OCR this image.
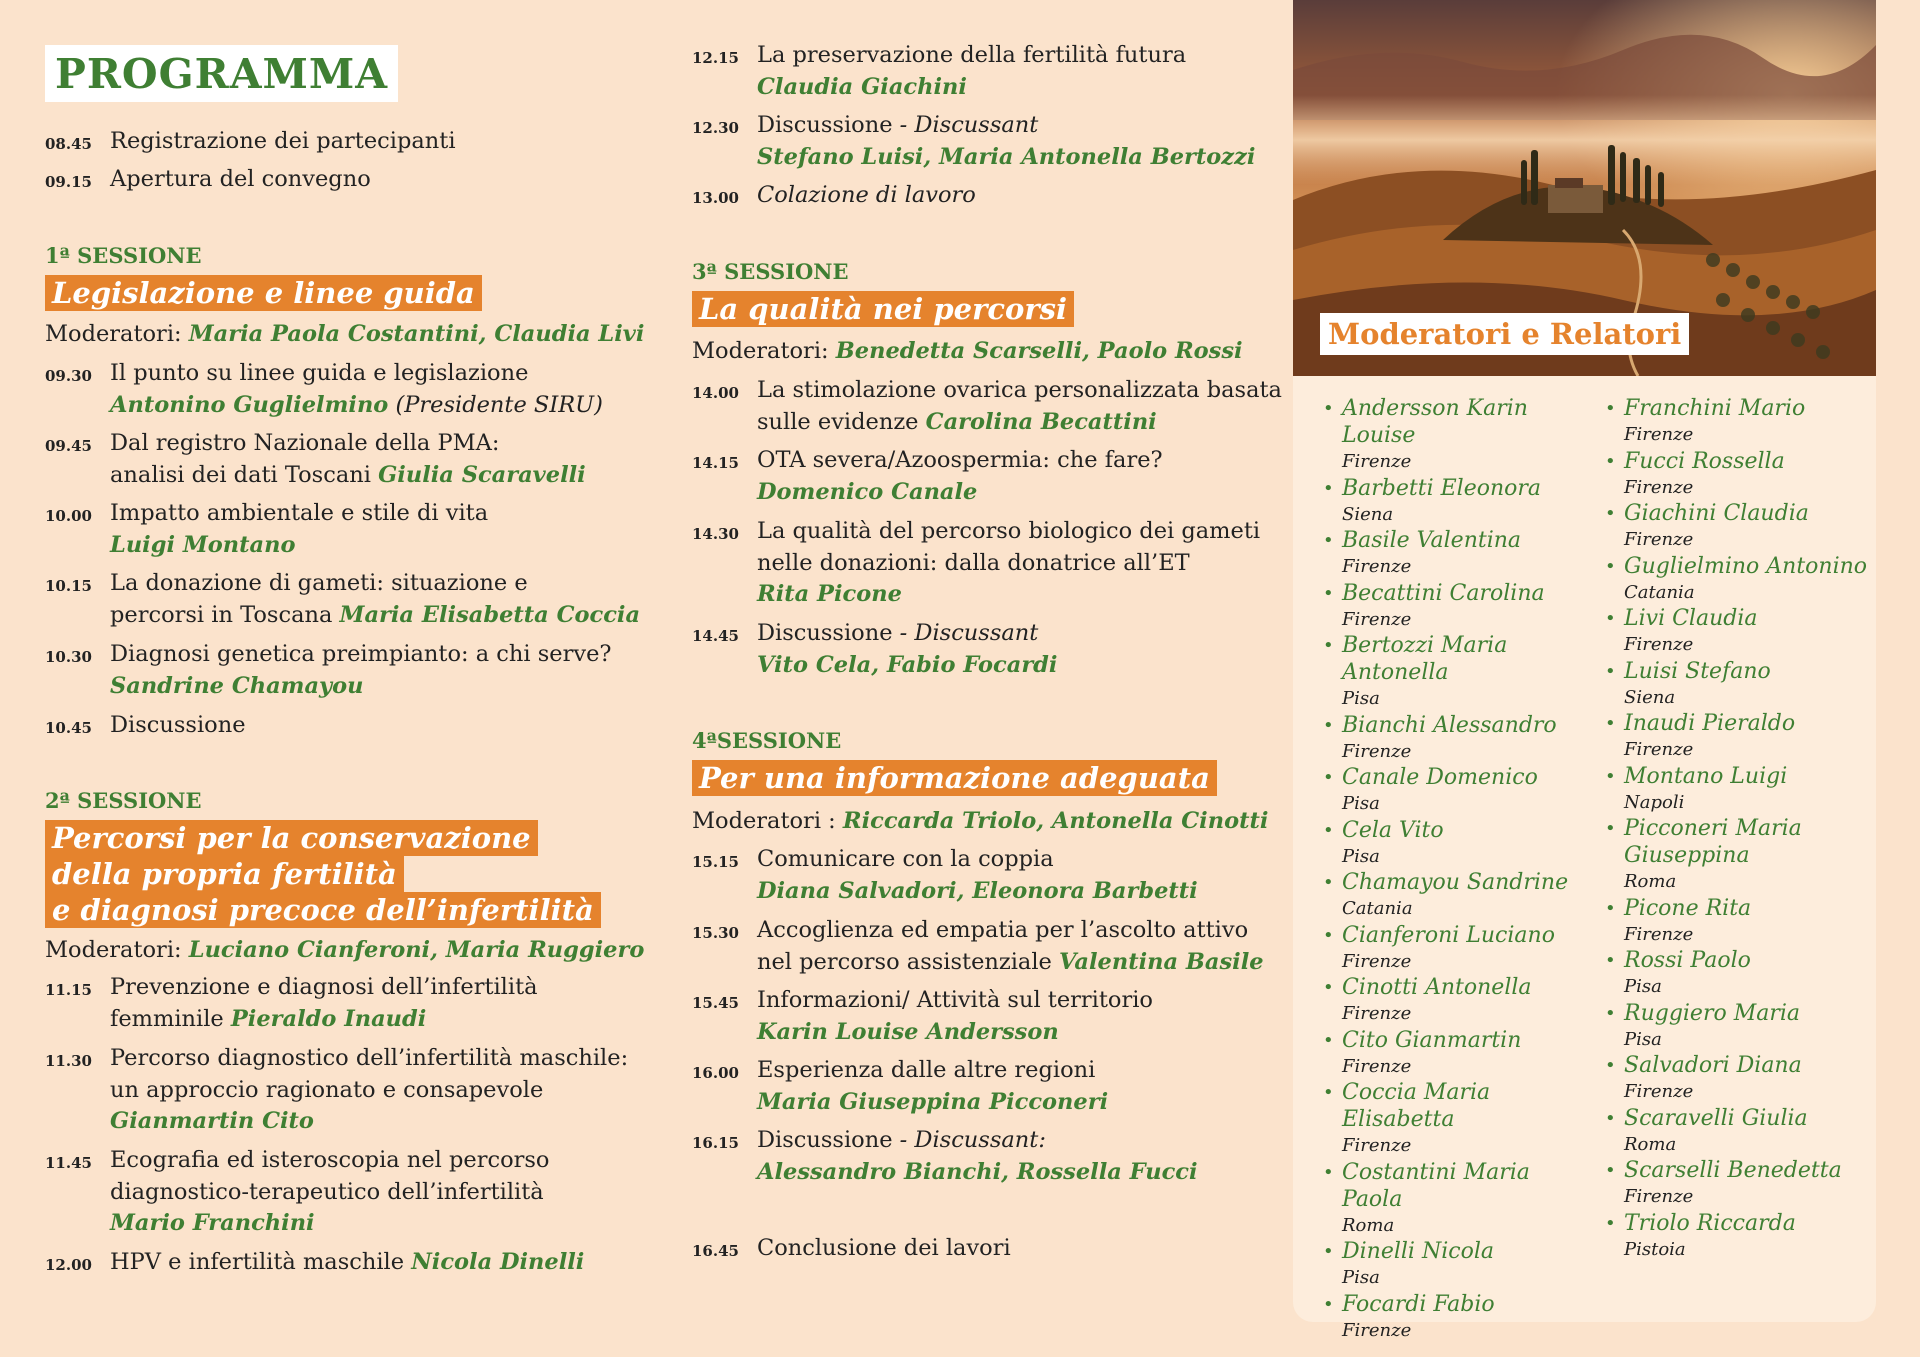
PROGRAMMA
08.45 Registrazione dei partecipanti
09.15 Apertura del convegno
1ª SESSIONE
Legislazione e linee guida
Moderatori: Maria Paola Costantini, Claudia Livi
09.30 Il punto su linee guida e legislazione
Antonino Guglielmino (Presidente SIRU)
09.45 Dal registro Nazionale della PMA:
analisi dei dati Toscani Giulia Scaravelli
10.00 Impatto ambientale e stile di vita
Luigi Montano
10.15 La donazione di gameti: situazione e
percorsi in Toscana Maria Elisabetta Coccia
10.30 Diagnosi genetica preimpianto: a chi serve?
Sandrine Chamayou
10.45 Discussione
2ª SESSIONE
Percorsi per la conservazione
della propria fertilità
e diagnosi precoce dell’infertilità
Moderatori: Luciano Cianferoni, Maria Ruggiero
11.15 Prevenzione e diagnosi dell’infertilità
femminile Pieraldo Inaudi
11.30 Percorso diagnostico dell’infertilità maschile:
un approccio ragionato e consapevole
Gianmartin Cito
11.45 Ecografia ed isteroscopia nel percorso
diagnostico-terapeutico dell’infertilità
Mario Franchini
12.00 HPV e infertilità maschile Nicola Dinelli
12.15 La preservazione della fertilità futura
Claudia Giachini
12.30 Discussione - Discussant
Stefano Luisi, Maria Antonella Bertozzi
13.00 Colazione di lavoro
3ª SESSIONE
La qualità nei percorsi
Moderatori: Benedetta Scarselli, Paolo Rossi
14.00 La stimolazione ovarica personalizzata basata
sulle evidenze Carolina Becattini
14.15 OTA severa/Azoospermia: che fare?
Domenico Canale
14.30 La qualità del percorso biologico dei gameti
nelle donazioni: dalla donatrice all’ET
Rita Picone
14.45 Discussione - Discussant
Vito Cela, Fabio Focardi
4ªSESSIONE
Per una informazione adeguata
Moderatori : Riccarda Triolo, Antonella Cinotti
15.15 Comunicare con la coppia
Diana Salvadori, Eleonora Barbetti
15.30 Accoglienza ed empatia per l’ascolto attivo
nel percorso assistenziale Valentina Basile
15.45 Informazioni/ Attività sul territorio
Karin Louise Andersson
16.00 Esperienza dalle altre regioni
Maria Giuseppina Picconeri
16.15 Discussione - Discussant:
Alessandro Bianchi, Rossella Fucci
16.45 Conclusione dei lavori
Moderatori e Relatori
• Andersson Karin Louise
Firenze
• Barbetti Eleonora
Siena
• Basile Valentina
Firenze
• Becattini Carolina
Firenze
• Bertozzi Maria
Antonella
Pisa
• Bianchi Alessandro
Firenze
• Canale Domenico
Pisa
• Cela Vito
Pisa
• Chamayou Sandrine
Catania
• Cianferoni Luciano
Firenze
• Cinotti Antonella
Firenze
• Cito Gianmartin
Firenze
• Coccia Maria Elisabetta
Firenze
• Costantini Maria Paola
Roma
• Dinelli Nicola
Pisa
• Focardi Fabio
Firenze
• Franchini Mario
Firenze
• Fucci Rossella
Firenze
• Giachini Claudia
Firenze
• Guglielmino Antonino
Catania
• Livi Claudia
Firenze
• Luisi Stefano
Siena
• Inaudi Pieraldo
Firenze
• Montano Luigi
Napoli
• Picconeri Maria
Giuseppina
Roma
• Picone Rita
Firenze
• Rossi Paolo
Pisa
• Ruggiero Maria
Pisa
• Salvadori Diana
Firenze
• Scaravelli Giulia
Roma
• Scarselli Benedetta
Firenze
• Triolo Riccarda
Pistoia
